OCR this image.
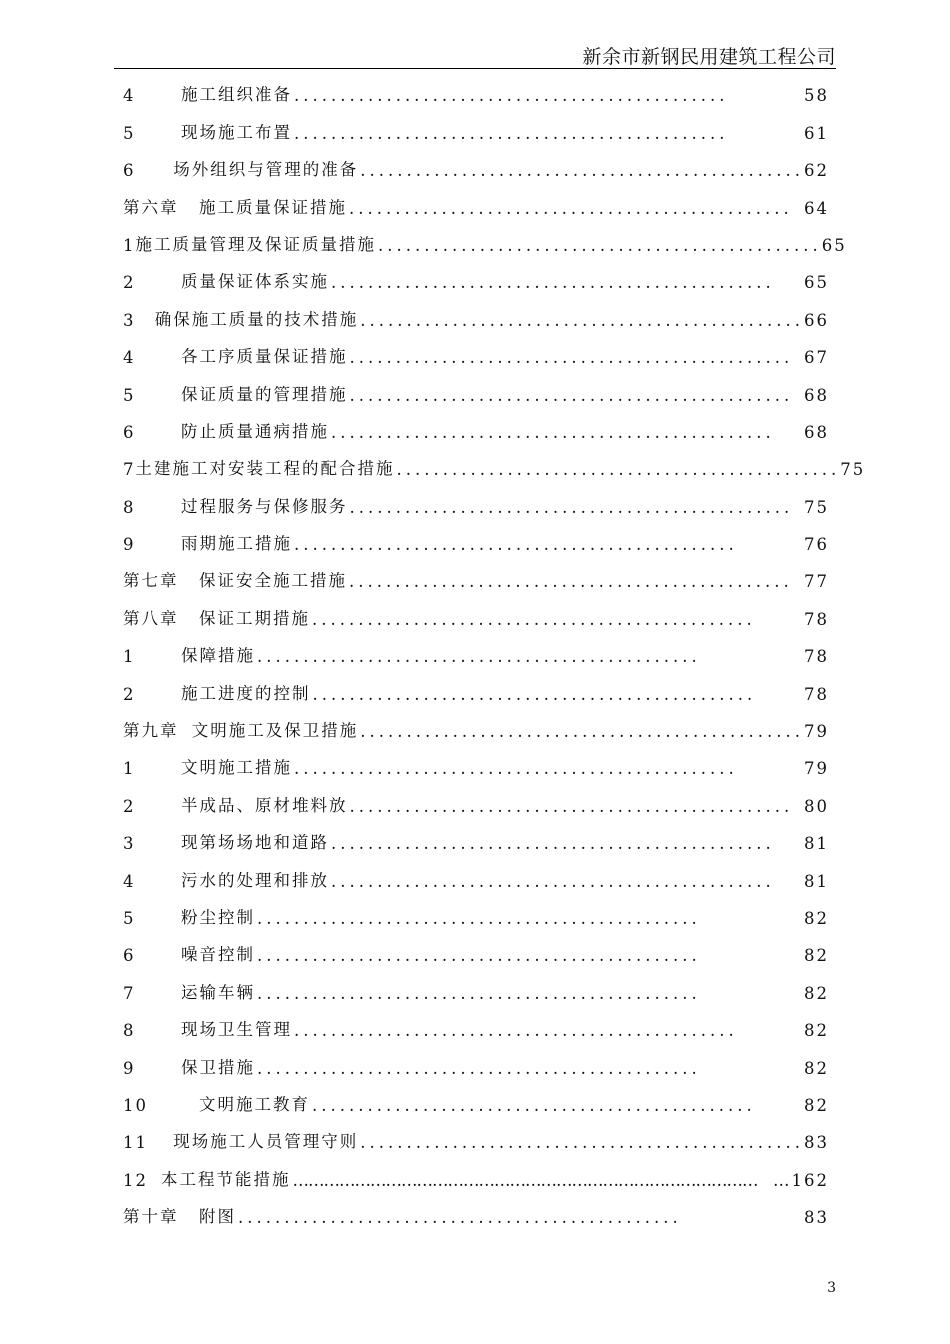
新余市新钢民用建筑工程公司
4	施工组织准备 ...............................................	58
5	现场施工布置 ...............................................	61
6	场外组织与管理的准备 ................................................ 62
第六章	施工质量保证措施 ................................................ 64
1 施工质量管理及保证质量措施 ................................................ 65
2	质量保证体系实施 ................................................	65
3	确保施工质量的技术措施 ................................................ 66
4	各工序质量保证措施 ................................................ 67
5	保证质量的管理措施 ................................................ 68
6	防止质量通病措施 ................................................	68
7 土建施工对安装工程的配合措施 ................................................ 75
8	过程服务与保修服务 ................................................ 75
9	雨期施工措施 ................................................	76
第七章	保证安全施工措施 ................................................ 77
第八章	保证工期措施 ................................................	78
1	保障措施 ................................................	78
2	施工进度的控制 ................................................	78
第九章 文明施工及保卫措施 ................................................ 79
1	文明施工措施 ................................................	79
2	半成品、原材堆料放 ................................................ 80
3	现第场场地和道路 ................................................	81
4	污水的处理和排放 ................................................	81
5	粉尘控制 ................................................	82
6	噪音控制 ................................................	82
7	运输车辆 ................................................	82
8	现场卫生管理 ................................................	82
9	保卫措施 ................................................	82
10	文明施工教育 ................................................	82
11	现场施工人员管理守则 ................................................ 83
12 本工程节能措施 ……………………………………………………………………………… …162
第十章	附图 ................................................	83
3
